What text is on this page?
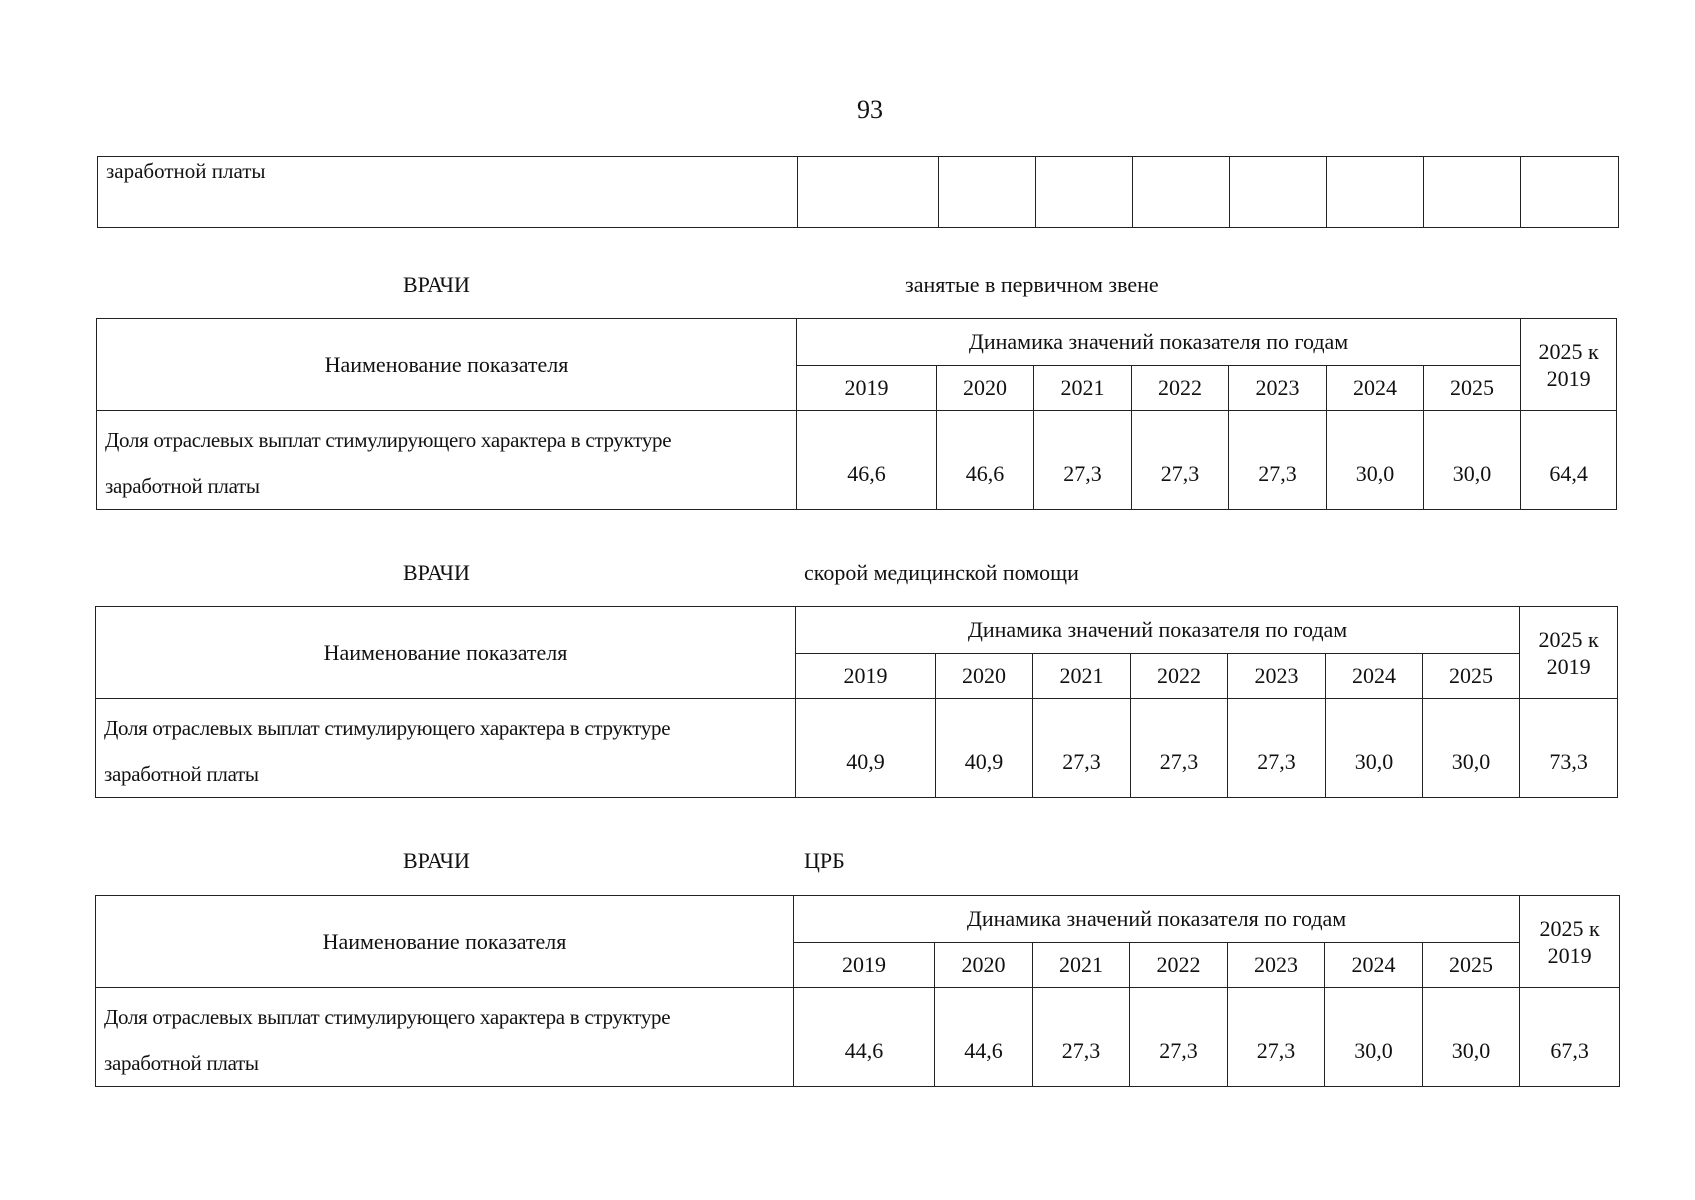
93
заработной платы								
ВРАЧИ	занятые в первичном звене
Наименование показателя	Динамика значений показателя по годам							2025 к
2019
	2019	2020	2021	2022	2023	2024	2025	

Доля отраслевых выплат стимулирующего характера в структуре
заработной платы	46,6	46,6	27,3	27,3	27,3	30,0	30,0	64,4
ВРАЧИ	скорой медицинской помощи
Наименование показателя	Динамика значений показателя по годам							2025 к
2019
	2019	2020	2021	2022	2023	2024	2025	

Доля отраслевых выплат стимулирующего характера в структуре
заработной платы	40,9	40,9	27,3	27,3	27,3	30,0	30,0	73,3
ВРАЧИ	ЦРБ
Наименование показателя	Динамика значений показателя по годам							2025 к
2019
	2019	2020	2021	2022	2023	2024	2025	

Доля отраслевых выплат стимулирующего характера в структуре
заработной платы	44,6	44,6	27,3	27,3	27,3	30,0	30,0	67,3
